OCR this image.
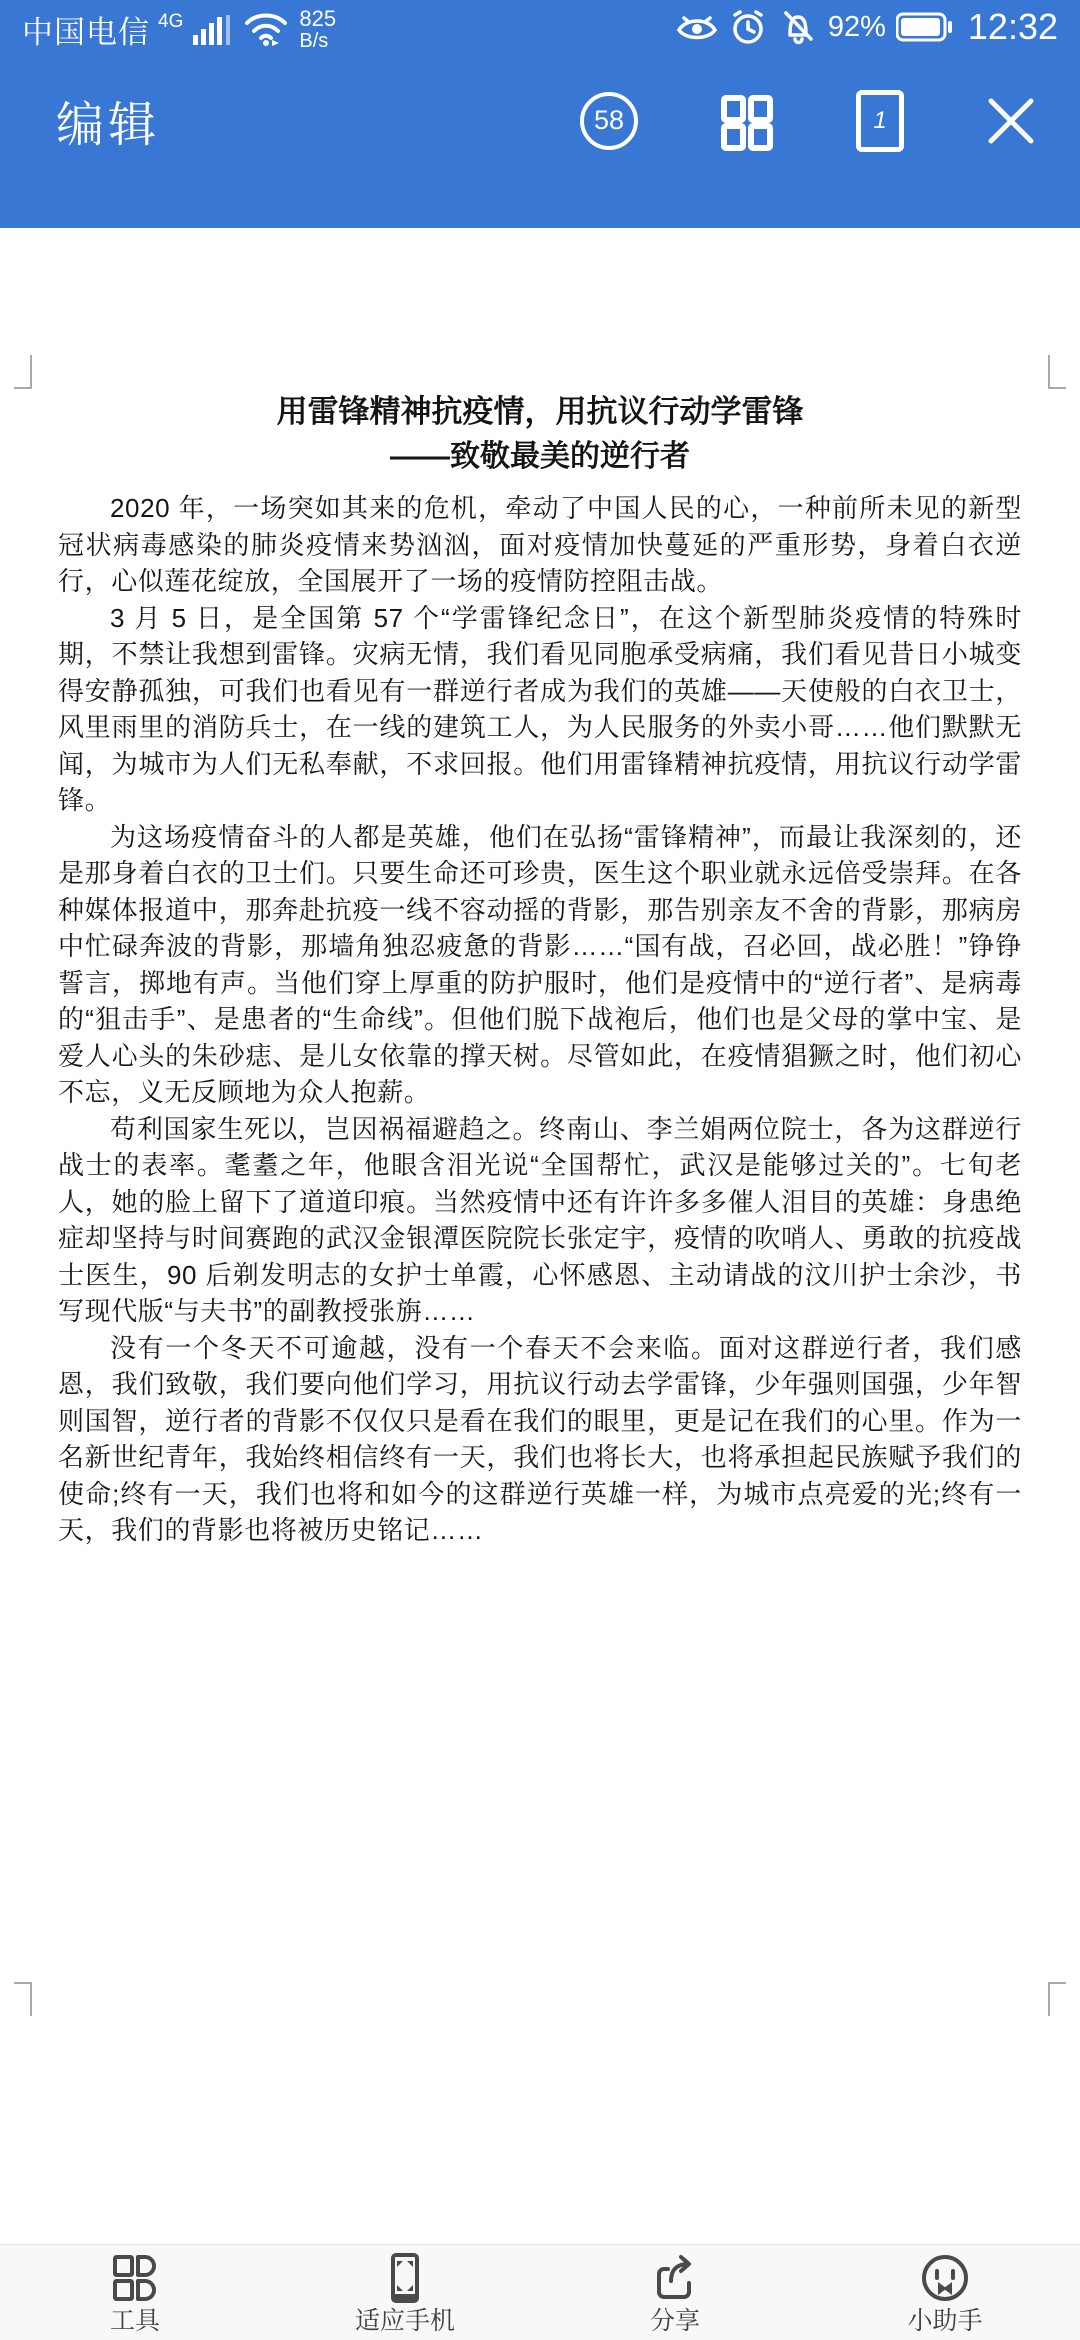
中国电信 4G	825
B/s	92% 12:32
编辑	58	1
用雷锋精神抗疫情，用抗议行动学雷锋
——致敬最美的逆行者

2020 年，一场突如其来的危机，牵动了中国人民的心，一种前所未见的新型冠状病毒感染的肺炎疫情来势汹汹，面对疫情加快蔓延的严重形势，身着白衣逆行，心似莲花绽放，全国展开了一场的疫情防控阻击战。

3 月 5 日，是全国第 57 个“学雷锋纪念日”，在这个新型肺炎疫情的特殊时期，不禁让我想到雷锋。灾病无情，我们看见同胞承受病痛，我们看见昔日小城变得安静孤独，可我们也看见有一群逆行者成为我们的英雄——天使般的白衣卫士，风里雨里的消防兵士，在一线的建筑工人，为人民服务的外卖小哥……他们默默无闻，为城市为人们无私奉献，不求回报。他们用雷锋精神抗疫情，用抗议行动学雷锋。

为这场疫情奋斗的人都是英雄，他们在弘扬“雷锋精神”，而最让我深刻的，还是那身着白衣的卫士们。只要生命还可珍贵，医生这个职业就永远倍受崇拜。在各种媒体报道中，那奔赴抗疫一线不容动摇的背影，那告别亲友不舍的背影，那病房中忙碌奔波的背影，那墙角独忍疲惫的背影……“国有战，召必回，战必胜！”铮铮誓言，掷地有声。当他们穿上厚重的防护服时，他们是疫情中的“逆行者”、是病毒的“狙击手”、是患者的“生命线”。但他们脱下战袍后，他们也是父母的掌中宝、是爱人心头的朱砂痣、是儿女依靠的撑天树。尽管如此，在疫情猖獗之时，他们初心不忘，义无反顾地为众人抱薪。

苟利国家生死以，岂因祸福避趋之。终南山、李兰娟两位院士，各为这群逆行战士的表率。耄耋之年，他眼含泪光说“全国帮忙，武汉是能够过关的”。七旬老人，她的脸上留下了道道印痕。当然疫情中还有许许多多催人泪目的英雄：身患绝症却坚持与时间赛跑的武汉金银潭医院院长张定宇，疫情的吹哨人、勇敢的抗疫战士医生，90 后剃发明志的女护士单霞，心怀感恩、主动请战的汶川护士余沙，书写现代版“与夫书”的副教授张旃……

没有一个冬天不可逾越，没有一个春天不会来临。面对这群逆行者，我们感恩，我们致敬，我们要向他们学习，用抗议行动去学雷锋，少年强则国强，少年智则国智，逆行者的背影不仅仅只是看在我们的眼里，更是记在我们的心里。作为一名新世纪青年，我始终相信终有一天，我们也将长大，也将承担起民族赋予我们的使命;终有一天，我们也将和如今的这群逆行英雄一样，为城市点亮爱的光;终有一天，我们的背影也将被历史铭记……

工具	适应手机	分享	小助手
